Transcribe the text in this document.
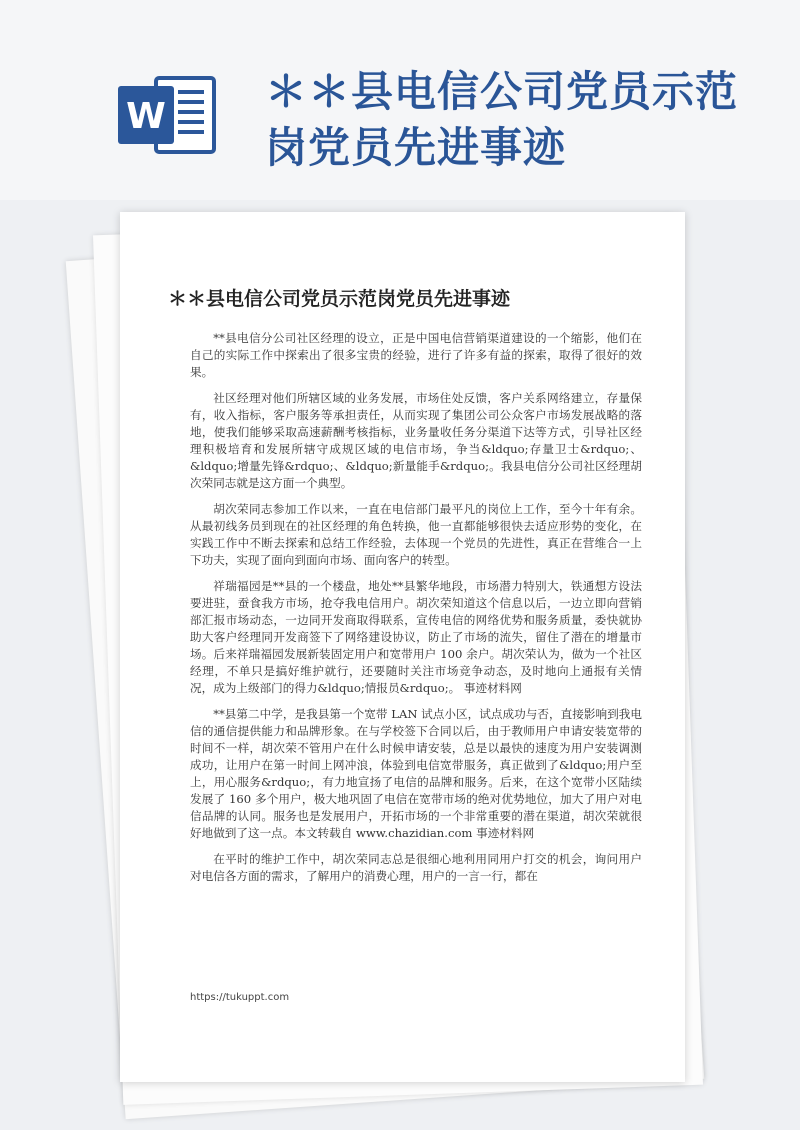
W
＊＊县电信公司党员示范岗党员先进事迹
＊＊县电信公司党员示范岗党员先进事迹

**县电信分公司社区经理的设立，正是中国电信营销渠道建设的一个缩影，他们在自己的实际工作中探索出了很多宝贵的经验，进行了许多有益的探索，取得了很好的效果。

社区经理对他们所辖区域的业务发展，市场住处反馈，客户关系网络建立，存量保有，收入指标，客户服务等承担责任，从而实现了集团公司公众客户市场发展战略的落地，使我们能够采取高速薪酬考核指标，业务量收任务分渠道下达等方式，引导社区经理积极培育和发展所辖守成规区域的电信市场，争当&ldquo;存量卫士&rdquo;、&ldquo;增量先锋&rdquo;、&ldquo;新量能手&rdquo;。我县电信分公司社区经理胡次荣同志就是这方面一个典型。

胡次荣同志参加工作以来，一直在电信部门最平凡的岗位上工作，至今十年有余。从最初线务员到现在的社区经理的角色转换，他一直都能够很快去适应形势的变化，在实践工作中不断去探索和总结工作经验，去体现一个党员的先进性，真正在营维合一上下功夫，实现了面向到面向市场、面向客户的转型。

祥瑞福园是**县的一个楼盘，地处**县繁华地段，市场潜力特别大，铁通想方设法要进驻，蚕食我方市场，抢夺我电信用户。胡次荣知道这个信息以后，一边立即向营销部汇报市场动态，一边同开发商取得联系，宣传电信的网络优势和服务质量，委快就协助大客户经理同开发商签下了网络建设协议，防止了市场的流失，留住了潜在的增量市场。后来祥瑞福园发展新装固定用户和宽带用户 100 余户。胡次荣认为，做为一个社区经理，不单只是搞好维护就行，还要随时关注市场竞争动态，及时地向上通报有关情况，成为上级部门的得力&ldquo;情报员&rdquo;。 事迹材料网

**县第二中学，是我县第一个宽带 LAN 试点小区，试点成功与否，直接影响到我电信的通信提供能力和品牌形象。在与学校签下合同以后，由于教师用户申请安装宽带的时间不一样，胡次荣不管用户在什么时候申请安装，总是以最快的速度为用户安装调测成功，让用户在第一时间上网冲浪，体验到电信宽带服务，真正做到了&ldquo;用户至上，用心服务&rdquo;，有力地宣扬了电信的品牌和服务。后来，在这个宽带小区陆续发展了 160 多个用户，极大地巩固了电信在宽带市场的绝对优势地位，加大了用户对电信品牌的认同。服务也是发展用户，开拓市场的一个非常重要的潜在渠道，胡次荣就很好地做到了这一点。本文转载自 www.chazidian.com 事迹材料网

在平时的维护工作中，胡次荣同志总是很细心地利用同用户打交的机会，询问用户对电信各方面的需求，了解用户的消费心理，用户的一言一行，都在

https://tukuppt.com
